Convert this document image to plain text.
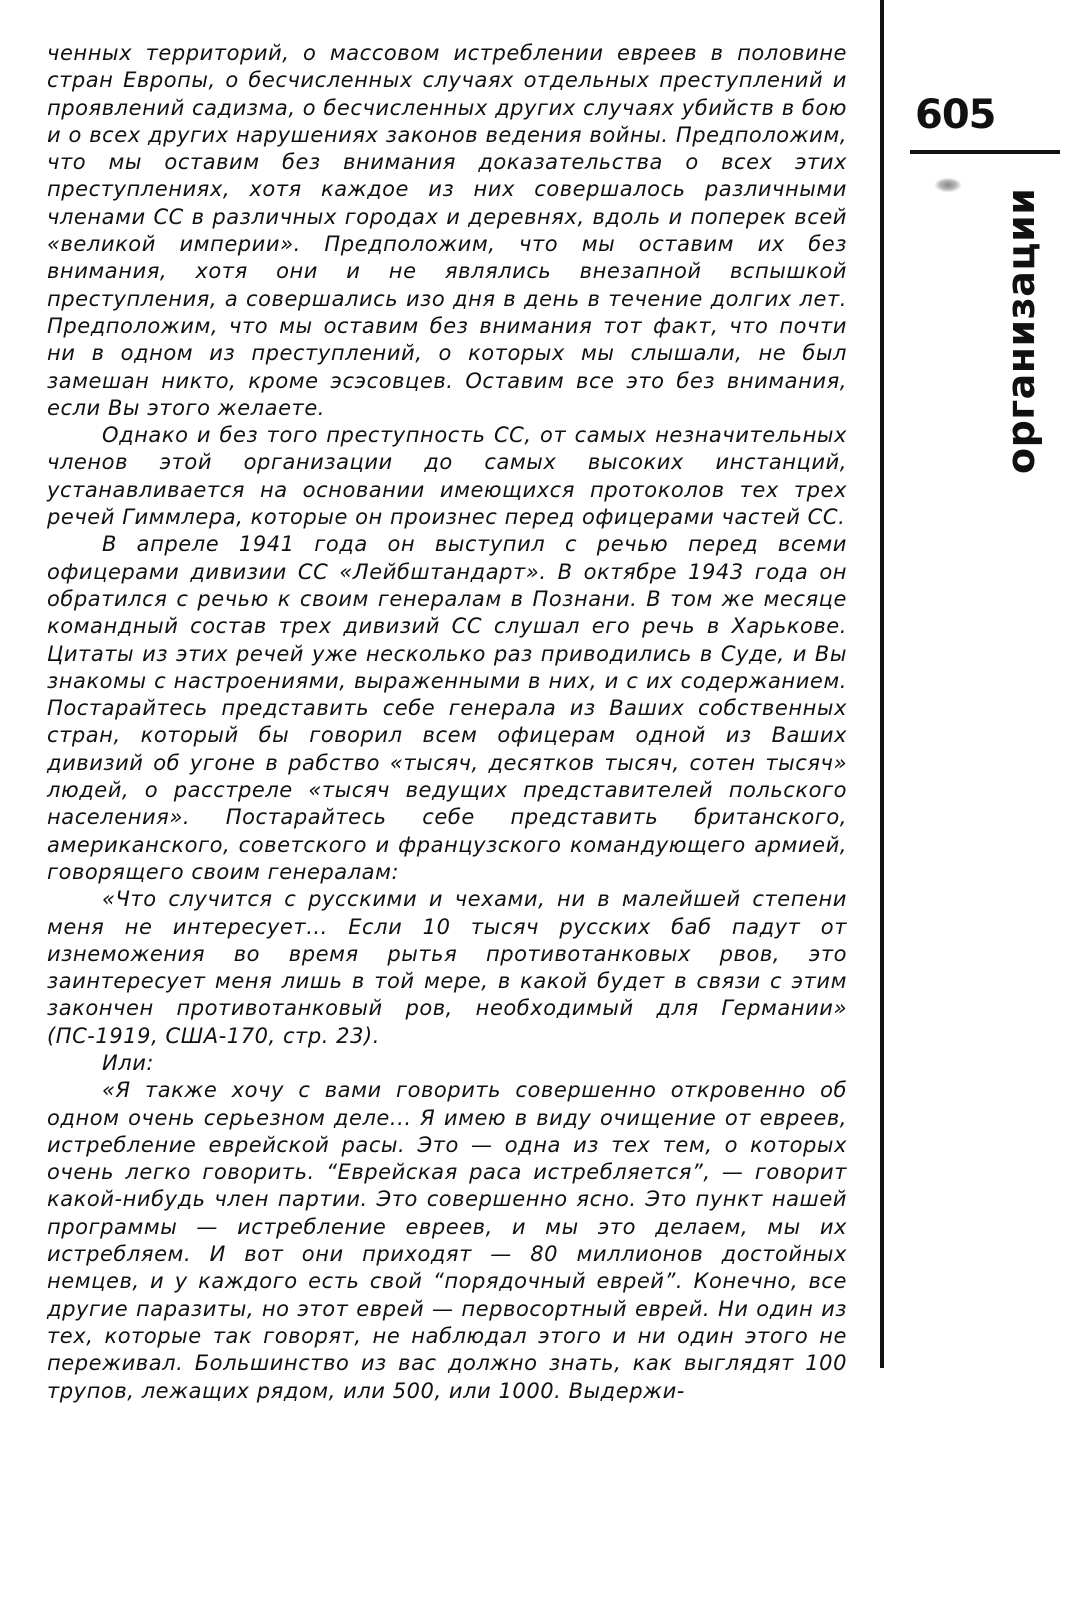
ченных территорий, о массовом истреблении евреев в половине стран Европы, о бесчисленных случаях отдельных преступлений и проявлений садизма, о бесчисленных других случаях убийств в бою и о всех других нарушениях законов ведения войны. Предположим, что мы оставим без внимания доказательства о всех этих преступлениях, хотя каждое из них совершалось различными членами СС в различных городах и деревнях, вдоль и поперек всей «великой империи». Предположим, что мы оставим их без внимания, хотя они и не являлись внезапной вспышкой преступления, а совершались изо дня в день в течение долгих лет. Предположим, что мы оставим без внимания тот факт, что почти ни в одном из преступлений, о которых мы слышали, не был замешан никто, кроме эсэсовцев. Оставим все это без внимания, если Вы этого желаете.

Однако и без того преступность СС, от самых незначительных членов этой организации до самых высоких инстанций, устанавливается на основании имеющихся протоколов тех трех речей Гиммлера, которые он произнес перед офицерами частей СС.

В апреле 1941 года он выступил с речью перед всеми офицерами дивизии СС «Лейбштандарт». В октябре 1943 года он обратился с речью к своим генералам в Познани. В том же месяце командный состав трех дивизий СС слушал его речь в Харькове. Цитаты из этих речей уже несколько раз приводились в Суде, и Вы знакомы с настроениями, выраженными в них, и с их содержанием. Постарайтесь представить себе генерала из Ваших собственных стран, который бы говорил всем офицерам одной из Ваших дивизий об угоне в рабство «тысяч, десятков тысяч, сотен тысяч» людей, о расстреле «тысяч ведущих представителей польского населения». Постарайтесь себе представить британского, американского, советского и французского командующего армией, говорящего своим генералам:

«Что случится с русскими и чехами, ни в малейшей степени меня не интересует... Если 10 тысяч русских баб падут от изнеможения во время рытья противотанковых рвов, это заинтересует меня лишь в той мере, в какой будет в связи с этим закончен противотанковый ров, необходимый для Германии» (ПС-1919, США-170, стр. 23).

Или:

«Я также хочу с вами говорить совершенно откровенно об одном очень серьезном деле... Я имею в виду очищение от евреев, истребление еврейской расы. Это — одна из тех тем, о которых очень легко говорить. “Еврейская раса истребляется”, — говорит какой-нибудь член партии. Это совершенно ясно. Это пункт нашей программы — истребление евреев, и мы это делаем, мы их истребляем. И вот они приходят — 80 миллионов достойных немцев, и у каждого есть свой “порядочный еврей”. Конечно, все другие паразиты, но этот еврей — первосортный еврей. Ни один из тех, которые так говорят, не наблюдал этого и ни один этого не переживал. Большинство из вас должно знать, как выглядят 100 трупов, лежащих рядом, или 500, или 1000. Выдержи-

605
организации
